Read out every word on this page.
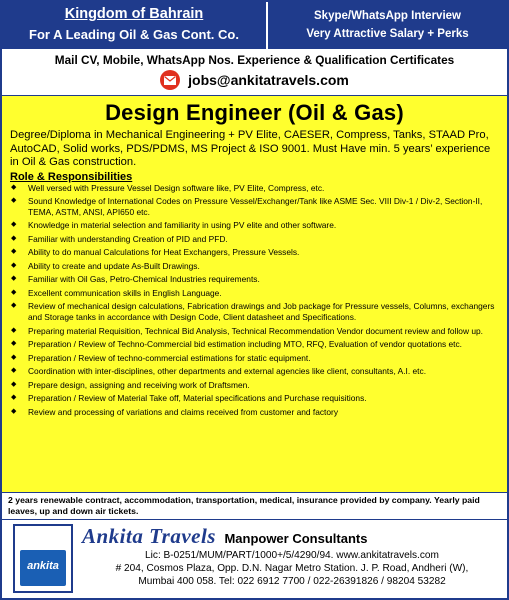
Kingdom of Bahrain
For A Leading Oil & Gas Cont. Co.
Skype/WhatsApp Interview
Very Attractive Salary + Perks
Mail CV, Mobile, WhatsApp Nos. Experience & Qualification Certificates
jobs@ankitatravels.com
Design Engineer (Oil & Gas)

Degree/Diploma in Mechanical Engineering + PV Elite, CAESER, Compress, Tanks, STAAD Pro, AutoCAD, Solid works, PDS/PDMS, MS Project & ISO 9001. Must Have min. 5 years’ experience in Oil & Gas construction.

Role & Responsibilities
◆ Well versed with Pressure Vessel Design software like, PV Elite, Compress, etc.
◆ Sound Knowledge of International Codes on Pressure Vessel/Exchanger/Tank like ASME Sec. VIII Div-1 / Div-2, Section-II, TEMA, ASTM, ANSI, API650 etc.
◆ Knowledge in material selection and familiarity in using PV elite and other software.
◆ Familiar with understanding Creation of PID and PFD.
◆ Ability to do manual Calculations for Heat Exchangers, Pressure Vessels.
◆ Ability to create and update As-Built Drawings.
◆ Familiar with Oil Gas, Petro-Chemical Industries requirements.
◆ Excellent communication skills in English Language.
◆ Review of mechanical design calculations, Fabrication drawings and Job package for Pressure vessels, Columns, exchangers and Storage tanks in accordance with Design Code, Client datasheet and Specifications.
◆ Preparing material Requisition, Technical Bid Analysis, Technical Recommendation Vendor document review and follow up.
◆ Preparation / Review of Techno-Commercial bid estimation including MTO, RFQ, Evaluation of vendor quotations etc.
◆ Preparation / Review of techno-commercial estimations for static equipment.
◆ Coordination with inter-disciplines, other departments and external agencies like client, consultants, A.I. etc.
◆ Prepare design, assigning and receiving work of Draftsmen.
◆ Preparation / Review of Material Take off, Material specifications and Purchase requisitions.
◆ Review and processing of variations and claims received from customer and factory

2 years renewable contract, accommodation, transportation, medical, insurance provided by company. Yearly paid leaves, up and down air tickets.

ankita
Ankita Travels Manpower Consultants
Lic: B-0251/MUM/PART/1000+/5/4290/94. www.ankitatravels.com
# 204, Cosmos Plaza, Opp. D.N. Nagar Metro Station. J. P. Road, Andheri (W),
Mumbai 400 058. Tel: 022 6912 7700 / 022-26391826 / 98204 53282
